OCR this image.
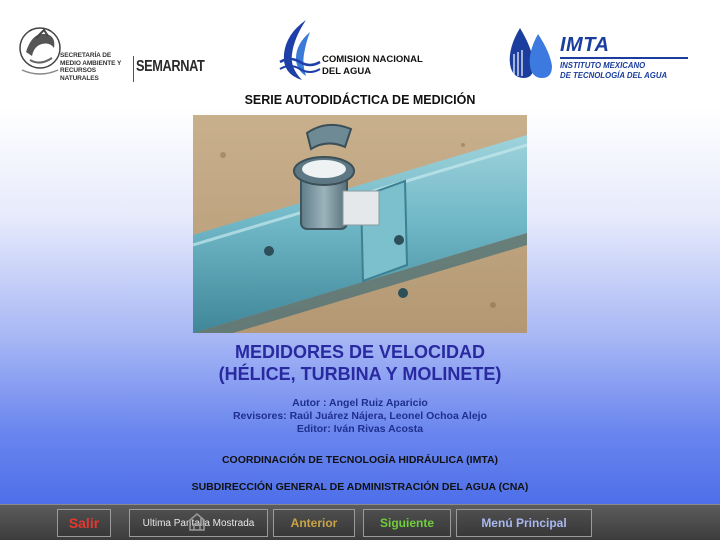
SECRETARÍA DE
MEDIO AMBIENTE Y
RECURSOS NATURALES
SEMARNAT	COMISION NACIONAL
DEL AGUA
IMTA
INSTITUTO MEXICANO
DE TECNOLOGÍA DEL AGUA
SERIE AUTODIDÁCTICA DE MEDICIÓN
MEDIDORES DE VELOCIDAD
(HÉLICE, TURBINA Y MOLINETE)
Autor : Angel Ruiz Aparicio
Revisores: Raúl Juárez Nájera, Leonel Ochoa Alejo
Editor: Iván Rivas Acosta
COORDINACIÓN DE TECNOLOGÍA HIDRÁULICA (IMTA)
SUBDIRECCIÓN GENERAL DE ADMINISTRACIÓN DEL AGUA (CNA)
Salir	Ultima Pantalla Mostrada	Anterior	Siguiente	Menú Principal
